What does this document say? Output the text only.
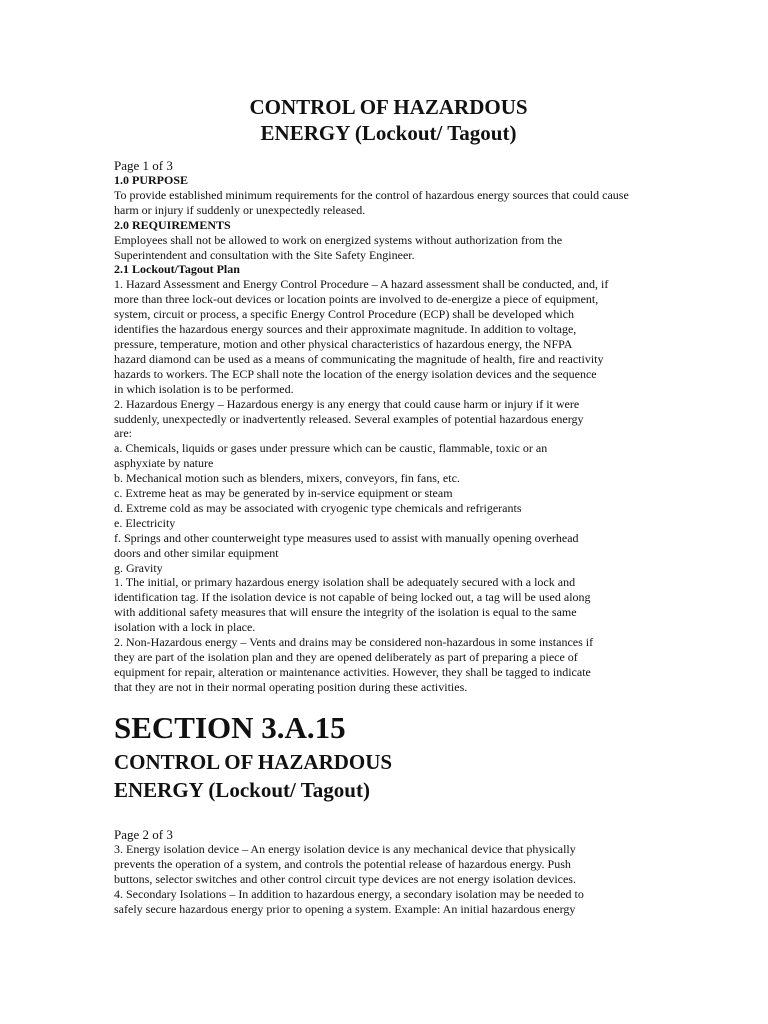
CONTROL OF HAZARDOUS
ENERGY (Lockout/ Tagout)
Page 1 of 3
1.0 PURPOSE
To provide established minimum requirements for the control of hazardous energy sources that could cause
harm or injury if suddenly or unexpectedly released.
2.0 REQUIREMENTS
Employees shall not be allowed to work on energized systems without authorization from the
Superintendent and consultation with the Site Safety Engineer.
2.1 Lockout/Tagout Plan
1. Hazard Assessment and Energy Control Procedure – A hazard assessment shall be conducted, and, if
more than three lock-out devices or location points are involved to de-energize a piece of equipment,
system, circuit or process, a specific Energy Control Procedure (ECP) shall be developed which
identifies the hazardous energy sources and their approximate magnitude. In addition to voltage,
pressure, temperature, motion and other physical characteristics of hazardous energy, the NFPA
hazard diamond can be used as a means of communicating the magnitude of health, fire and reactivity
hazards to workers. The ECP shall note the location of the energy isolation devices and the sequence
in which isolation is to be performed.
2. Hazardous Energy – Hazardous energy is any energy that could cause harm or injury if it were
suddenly, unexpectedly or inadvertently released. Several examples of potential hazardous energy
are:
a. Chemicals, liquids or gases under pressure which can be caustic, flammable, toxic or an
asphyxiate by nature
b. Mechanical motion such as blenders, mixers, conveyors, fin fans, etc.
c. Extreme heat as may be generated by in-service equipment or steam
d. Extreme cold as may be associated with cryogenic type chemicals and refrigerants
e. Electricity
f. Springs and other counterweight type measures used to assist with manually opening overhead
doors and other similar equipment
g. Gravity
1. The initial, or primary hazardous energy isolation shall be adequately secured with a lock and
identification tag. If the isolation device is not capable of being locked out, a tag will be used along
with additional safety measures that will ensure the integrity of the isolation is equal to the same
isolation with a lock in place.
2. Non-Hazardous energy – Vents and drains may be considered non-hazardous in some instances if
they are part of the isolation plan and they are opened deliberately as part of preparing a piece of
equipment for repair, alteration or maintenance activities. However, they shall be tagged to indicate
that they are not in their normal operating position during these activities.
SECTION 3.A.15
CONTROL OF HAZARDOUS
ENERGY (Lockout/ Tagout)
Page 2 of 3
3. Energy isolation device – An energy isolation device is any mechanical device that physically
prevents the operation of a system, and controls the potential release of hazardous energy. Push
buttons, selector switches and other control circuit type devices are not energy isolation devices.
4. Secondary Isolations – In addition to hazardous energy, a secondary isolation may be needed to
safely secure hazardous energy prior to opening a system. Example: An initial hazardous energy
